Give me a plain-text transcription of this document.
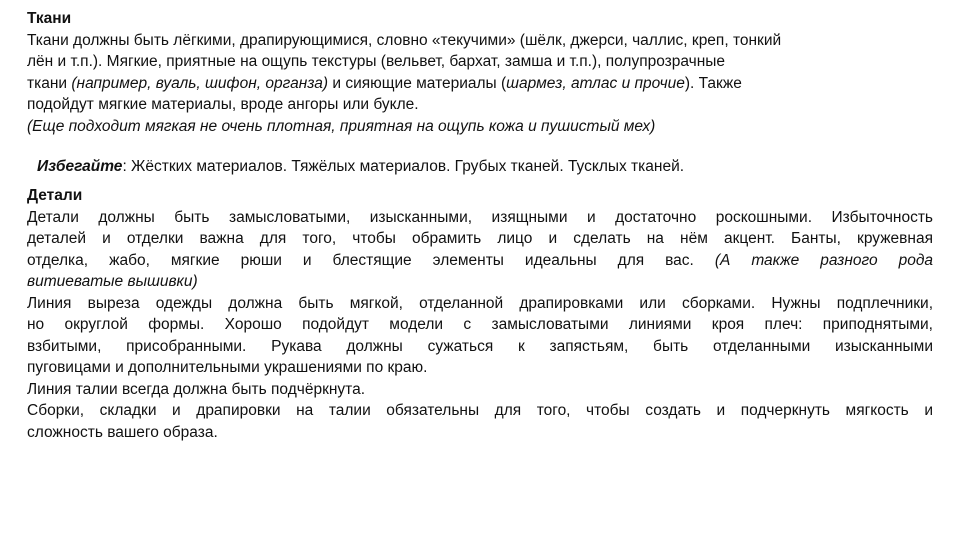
Ткани

Ткани должны быть лёгкими, драпирующимися, словно «текучими» (шёлк, джерси, чаллис, креп, тонкий
лён и т.п.). Мягкие, приятные на ощупь текстуры (вельвет, бархат, замша и т.п.), полупрозрачные
ткани (например, вуаль, шифон, органза) и сияющие материалы (шармез, атлас и прочие). Также
подойдут мягкие материалы, вроде ангоры или букле.
(Еще подходит мягкая не очень плотная, приятная на ощупь кожа и пушистый мех)
Избегайте: Жёстких материалов. Тяжёлых материалов. Грубых тканей. Тусклых тканей.

Детали

Детали должны быть замысловатыми, изысканными, изящными и достаточно роскошными. Избыточность
деталей и отделки важна для того, чтобы обрамить лицо и сделать на нём акцент. Банты, кружевная
отделка, жабо, мягкие рюши и блестящие элементы идеальны для вас. (А также разного рода
витиеватые вышивки)
Линия выреза одежды должна быть мягкой, отделанной драпировками или сборками. Нужны подплечники,
но округлой формы. Хорошо подойдут модели с замысловатыми линиями кроя плеч: приподнятыми,
взбитыми, присобранными. Рукава должны сужаться к запястьям, быть отделанными изысканными
пуговицами и дополнительными украшениями по краю.
Линия талии всегда должна быть подчёркнута.
Сборки, складки и драпировки на талии обязательны для того, чтобы создать и подчеркнуть мягкость и
сложность вашего образа.
